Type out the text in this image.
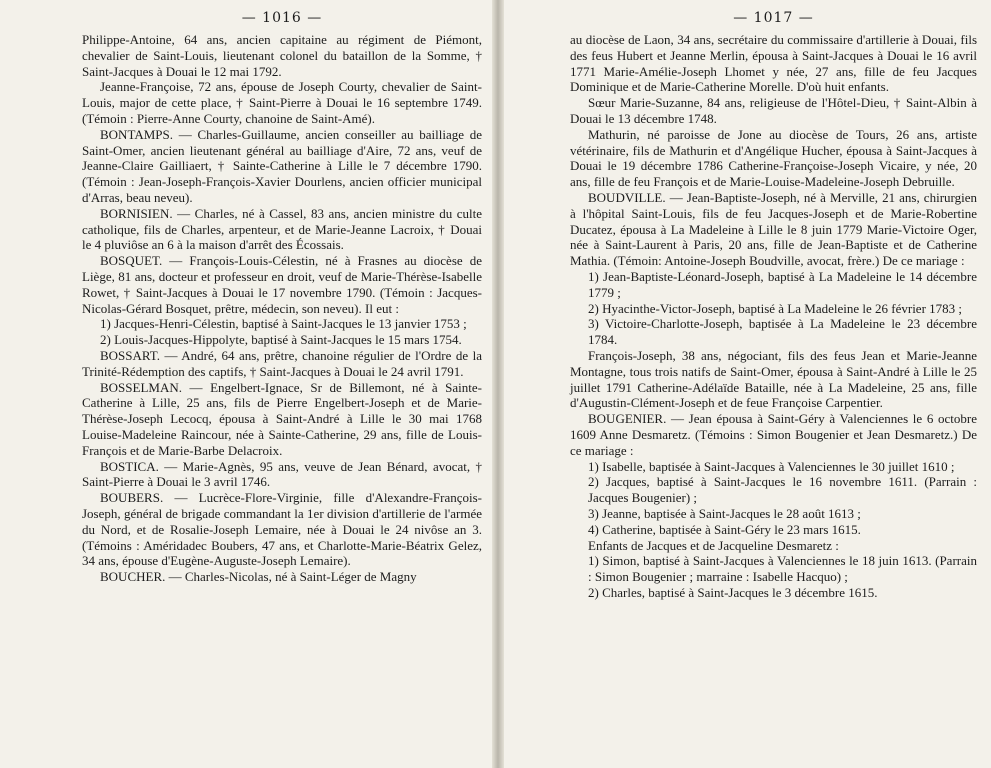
— 1016 —

Philippe-Antoine, 64 ans, ancien capitaine au régiment de Piémont, chevalier de Saint-Louis, lieutenant colonel du bataillon de la Somme, † Saint-Jacques à Douai le 12 mai 1792.

Jeanne-Françoise, 72 ans, épouse de Joseph Courty, chevalier de Saint-Louis, major de cette place, † Saint-Pierre à Douai le 16 septembre 1749. (Témoin : Pierre-Anne Courty, chanoine de Saint-Amé).

BONTAMPS. — Charles-Guillaume, ancien conseiller au bailliage de Saint-Omer, ancien lieutenant général au bailliage d'Aire, 72 ans, veuf de Jeanne-Claire Gailliaert, † Sainte-Catherine à Lille le 7 décembre 1790. (Témoin : Jean-Joseph-François-Xavier Dourlens, ancien officier municipal d'Arras, beau neveu).

BORNISIEN. — Charles, né à Cassel, 83 ans, ancien ministre du culte catholique, fils de Charles, arpenteur, et de Marie-Jeanne Lacroix, † Douai le 4 pluviôse an 6 à la maison d'arrêt des Écossais.

BOSQUET. — François-Louis-Célestin, né à Frasnes au diocèse de Liège, 81 ans, docteur et professeur en droit, veuf de Marie-Thérèse-Isabelle Rowet, † Saint-Jacques à Douai le 17 novembre 1790. (Témoin : Jacques-Nicolas-Gérard Bosquet, prêtre, médecin, son neveu). Il eut :

1) Jacques-Henri-Célestin, baptisé à Saint-Jacques le 13 janvier 1753 ;

2) Louis-Jacques-Hippolyte, baptisé à Saint-Jacques le 15 mars 1754.

BOSSART. — André, 64 ans, prêtre, chanoine régulier de l'Ordre de la Trinité-Rédemption des captifs, † Saint-Jacques à Douai le 24 avril 1791.

BOSSELMAN. — Engelbert-Ignace, Sr de Billemont, né à Sainte-Catherine à Lille, 25 ans, fils de Pierre Engelbert-Joseph et de Marie-Thérèse-Joseph Lecocq, épousa à Saint-André à Lille le 30 mai 1768 Louise-Madeleine Raincour, née à Sainte-Catherine, 29 ans, fille de Louis-François et de Marie-Barbe Delacroix.

BOSTICA. — Marie-Agnès, 95 ans, veuve de Jean Bénard, avocat, † Saint-Pierre à Douai le 3 avril 1746.

BOUBERS. — Lucrèce-Flore-Virginie, fille d'Alexandre-François-Joseph, général de brigade commandant la 1er division d'artillerie de l'armée du Nord, et de Rosalie-Joseph Lemaire, née à Douai le 24 nivôse an 3. (Témoins : Améridadec Boubers, 47 ans, et Charlotte-Marie-Béatrix Gelez, 34 ans, épouse d'Eugène-Auguste-Joseph Lemaire).

BOUCHER. — Charles-Nicolas, né à Saint-Léger de Magny

— 1017 —

au diocèse de Laon, 34 ans, secrétaire du commissaire d'artillerie à Douai, fils des feus Hubert et Jeanne Merlin, épousa à Saint-Jacques à Douai le 16 avril 1771 Marie-Amélie-Joseph Lhomet y née, 27 ans, fille de feu Jacques Dominique et de Marie-Catherine Morelle. D'où huit enfants.

Sœur Marie-Suzanne, 84 ans, religieuse de l'Hôtel-Dieu, † Saint-Albin à Douai le 13 décembre 1748.

Mathurin, né paroisse de Jone au diocèse de Tours, 26 ans, artiste vétérinaire, fils de Mathurin et d'Angélique Hucher, épousa à Saint-Jacques à Douai le 19 décembre 1786 Catherine-Françoise-Joseph Vicaire, y née, 20 ans, fille de feu François et de Marie-Louise-Madeleine-Joseph Debruille.

BOUDVILLE. — Jean-Baptiste-Joseph, né à Merville, 21 ans, chirurgien à l'hôpital Saint-Louis, fils de feu Jacques-Joseph et de Marie-Robertine Ducatez, épousa à La Madeleine à Lille le 8 juin 1779 Marie-Victoire Oger, née à Saint-Laurent à Paris, 20 ans, fille de Jean-Baptiste et de Catherine Mathia. (Témoin: Antoine-Joseph Boudville, avocat, frère.) De ce mariage :

1) Jean-Baptiste-Léonard-Joseph, baptisé à La Madeleine le 14 décembre 1779 ;

2) Hyacinthe-Victor-Joseph, baptisé à La Madeleine le 26 février 1783 ;

3) Victoire-Charlotte-Joseph, baptisée à La Madeleine le 23 décembre 1784.

François-Joseph, 38 ans, négociant, fils des feus Jean et Marie-Jeanne Montagne, tous trois natifs de Saint-Omer, épousa à Saint-André à Lille le 25 juillet 1791 Catherine-Adélaïde Bataille, née à La Madeleine, 25 ans, fille d'Augustin-Clément-Joseph et de feue Françoise Carpentier.

BOUGENIER. — Jean épousa à Saint-Géry à Valenciennes le 6 octobre 1609 Anne Desmaretz. (Témoins : Simon Bougenier et Jean Desmaretz.) De ce mariage :

1) Isabelle, baptisée à Saint-Jacques à Valenciennes le 30 juillet 1610 ;

2) Jacques, baptisé à Saint-Jacques le 16 novembre 1611. (Parrain : Jacques Bougenier) ;

3) Jeanne, baptisée à Saint-Jacques le 28 août 1613 ;

4) Catherine, baptisée à Saint-Géry le 23 mars 1615.

Enfants de Jacques et de Jacqueline Desmaretz :

1) Simon, baptisé à Saint-Jacques à Valenciennes le 18 juin 1613. (Parrain : Simon Bougenier ; marraine : Isabelle Hacquo) ;

2) Charles, baptisé à Saint-Jacques le 3 décembre 1615.
